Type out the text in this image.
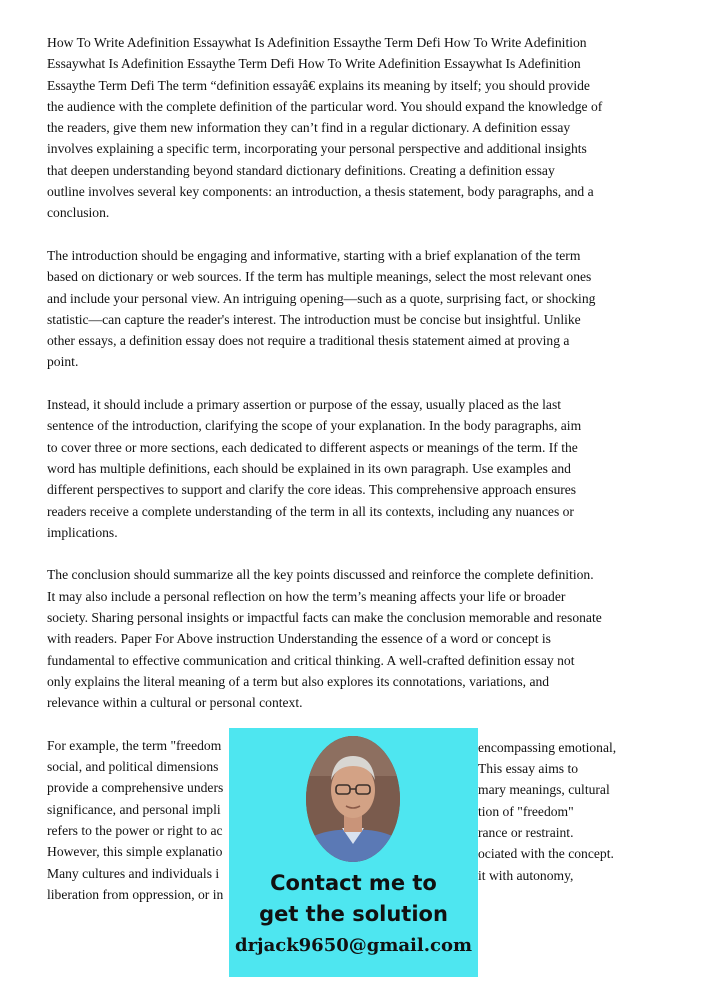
How To Write Adefinition Essaywhat Is Adefinition Essaythe Term Defi How To Write Adefinition
Essaywhat Is Adefinition Essaythe Term Defi How To Write Adefinition Essaywhat Is Adefinition
Essaythe Term Defi The term “definition essayâ€ explains its meaning by itself; you should provide
the audience with the complete definition of the particular word. You should expand the knowledge of
the readers, give them new information they can’t find in a regular dictionary. A definition essay
involves explaining a specific term, incorporating your personal perspective and additional insights
that deepen understanding beyond standard dictionary definitions. Creating a definition essay
outline involves several key components: an introduction, a thesis statement, body paragraphs, and a
conclusion.

The introduction should be engaging and informative, starting with a brief explanation of the term
based on dictionary or web sources. If the term has multiple meanings, select the most relevant ones
and include your personal view. An intriguing opening—such as a quote, surprising fact, or shocking
statistic—can capture the reader's interest. The introduction must be concise but insightful. Unlike
other essays, a definition essay does not require a traditional thesis statement aimed at proving a
point.

Instead, it should include a primary assertion or purpose of the essay, usually placed as the last
sentence of the introduction, clarifying the scope of your explanation. In the body paragraphs, aim
to cover three or more sections, each dedicated to different aspects or meanings of the term. If the
word has multiple definitions, each should be explained in its own paragraph. Use examples and
different perspectives to support and clarify the core ideas. This comprehensive approach ensures
readers receive a complete understanding of the term in all its contexts, including any nuances or
implications.

The conclusion should summarize all the key points discussed and reinforce the complete definition.
It may also include a personal reflection on how the term’s meaning affects your life or broader
society. Sharing personal insights or impactful facts can make the conclusion memorable and resonate
with readers. Paper For Above instruction Understanding the essence of a word or concept is
fundamental to effective communication and critical thinking. A well-crafted definition essay not
only explains the literal meaning of a term but also explores its connotations, variations, and
relevance within a cultural or personal context.

For example, the term "freedom
social, and political dimensions
provide a comprehensive unders
significance, and personal impli
refers to the power or right to ac
However, this simple explanatio
Many cultures and individuals i
liberation from oppression, or in

encompassing emotional,
This essay aims to
mary meanings, cultural
tion of "freedom"
rance or restraint.
ociated with the concept.
it with autonomy,
Contact me to
get the solution
drjack9650@gmail.com
